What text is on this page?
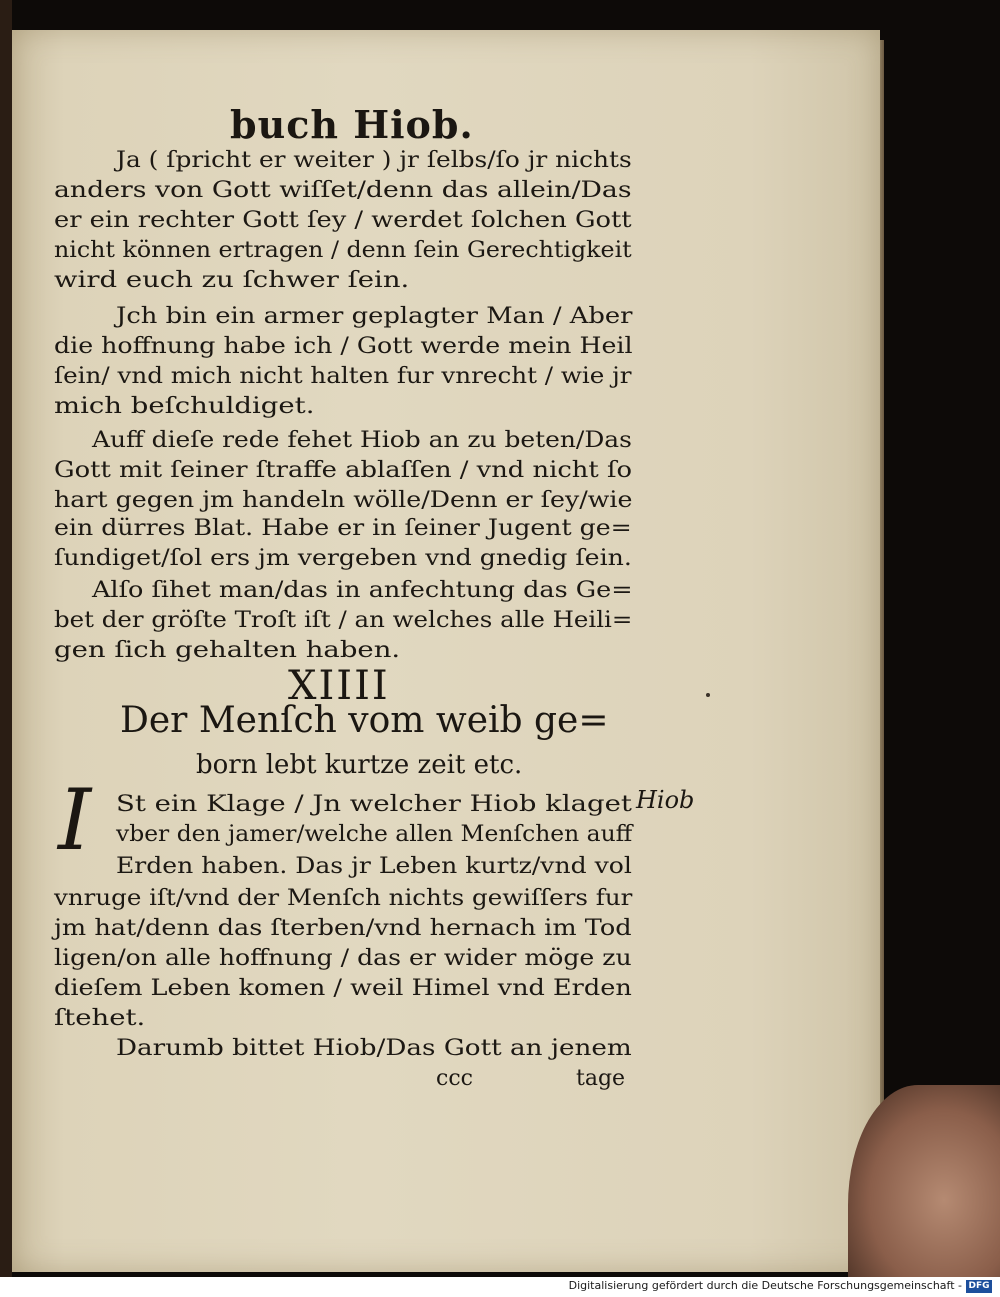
buch Hiob.
Ja ( ſpricht er weiter ) jr ſelbs/ſo jr nichts
anders von Gott wiſſet/denn das allein/Das
er ein rechter Gott ſey / werdet ſolchen Gott
nicht können ertragen / denn ſein Gerechtigkeit
wird euch zu ſchwer ſein.
Jch bin ein armer geplagter Man / Aber
die hoffnung habe ich / Gott werde mein Heil
ſein/ vnd mich nicht halten fur vnrecht / wie jr
mich beſchuldiget.
Auff dieſe rede fehet Hiob an zu beten/Das
Gott mit ſeiner ſtraffe ablaſſen / vnd nicht ſo
hart gegen jm handeln wölle/Denn er ſey/wie
ein dürres Blat. Habe er in ſeiner Jugent ge=
ſundiget/ſol ers jm vergeben vnd gnedig ſein.
Alſo ſihet man/das in anfechtung das Ge=
bet der gröſte Troſt iſt / an welches alle Heili=
gen ſich gehalten haben.
XIIII
Der Menſch vom weib ge=
born lebt kurtze zeit etc.
I	Hiob
St ein Klage / Jn welcher Hiob klaget
vber den jamer/welche allen Menſchen auff
Erden haben. Das jr Leben kurtz/vnd vol
vnruge iſt/vnd der Menſch nichts gewiſſers fur
jm hat/denn das ſterben/vnd hernach im Tod
ligen/on alle hoffnung / das er wider möge zu
dieſem Leben komen / weil Himel vnd Erden
ſtehet.
Darumb bittet Hiob/Das Gott an jenem
ccc	tage
Digitalisierung gefördert durch die Deutsche Forschungsgemeinschaft - DFG
